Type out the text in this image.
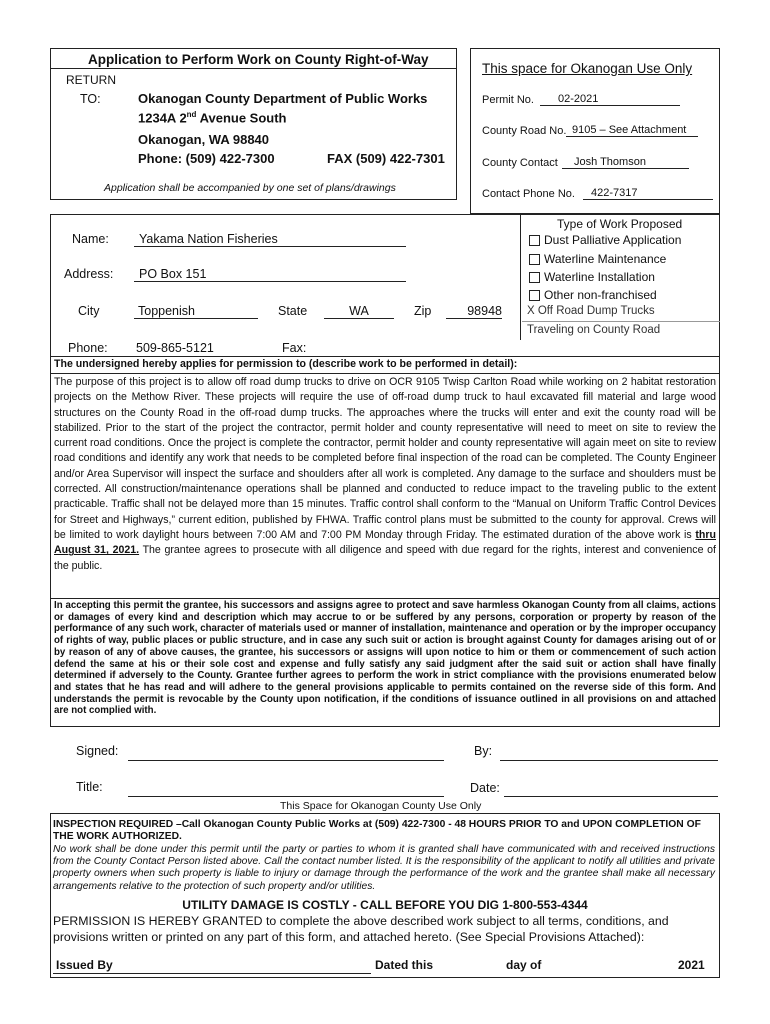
Application to Perform Work on County Right-of-Way
RETURN
TO:	Okanogan County Department of Public Works
1234A 2nd Avenue South
Okanogan, WA 98840
Phone: (509) 422-7300	FAX (509) 422-7301
Application shall be accompanied by one set of plans/drawings
This space for Okanogan Use Only
Permit No.	02-2021
County Road No. 9105 – See Attachment
County Contact	Josh Thomson
Contact Phone No.	422-7317
Name:	Yakama Nation Fisheries
Address:	PO Box 151
City	Toppenish	State	WA	Zip	98948
Phone: 509-865-5121	Fax:
Type of Work Proposed
Dust Palliative Application
Waterline Maintenance
Waterline Installation
Other non-franchised
X Off Road Dump Trucks
Traveling on County Road
The undersigned hereby applies for permission to (describe work to be performed in detail):
The purpose of this project is to allow off road dump trucks to drive on OCR 9105 Twisp Carlton Road while working on 2 habitat restoration projects on the Methow River. These projects will require the use of off-road dump truck to haul excavated fill material and large wood structures on the County Road in the off-road dump trucks. The approaches where the trucks will enter and exit the county road will be stabilized. Prior to the start of the project the contractor, permit holder and county representative will need to meet on site to review the current road conditions. Once the project is complete the contractor, permit holder and county representative will again meet on site to review road conditions and identify any work that needs to be completed before final inspection of the road can be completed. The County Engineer and/or Area Supervisor will inspect the surface and shoulders after all work is completed. Any damage to the surface and shoulders must be corrected. All construction/maintenance operations shall be planned and conducted to reduce impact to the traveling public to the extent practicable. Traffic shall not be delayed more than 15 minutes. Traffic control shall conform to the “Manual on Uniform Traffic Control Devices for Street and Highways,” current edition, published by FHWA. Traffic control plans must be submitted to the county for approval. Crews will be limited to work daylight hours between 7:00 AM and 7:00 PM Monday through Friday. The estimated duration of the above work is thru August 31, 2021. The grantee agrees to prosecute with all diligence and speed with due regard for the rights, interest and convenience of the public.
In accepting this permit the grantee, his successors and assigns agree to protect and save harmless Okanogan County from all claims, actions or damages of every kind and description which may accrue to or be suffered by any persons, corporation or property by reason of the performance of any such work, character of materials used or manner of installation, maintenance and operation or by the improper occupancy of rights of way, public places or public structure, and in case any such suit or action is brought against County for damages arising out of or by reason of any of above causes, the grantee, his successors or assigns will upon notice to him or them or commencement of such action defend the same at his or their sole cost and expense and fully satisfy any said judgment after the said suit or action shall have finally determined if adversely to the County. Grantee further agrees to perform the work in strict compliance with the provisions enumerated below and states that he has read and will adhere to the general provisions applicable to permits contained on the reverse side of this form. And understands the permit is revocable by the County upon notification, if the conditions of issuance outlined in all provisions on and attached are not complied with.
Signed:	By:
Title:	Date:
This Space for Okanogan County Use Only
INSPECTION REQUIRED –Call Okanogan County Public Works at (509) 422-7300 - 48 HOURS PRIOR TO and UPON COMPLETION OF THE WORK AUTHORIZED.
No work shall be done under this permit until the party or parties to whom it is granted shall have communicated with and received instructions from the County Contact Person listed above. Call the contact number listed. It is the responsibility of the applicant to notify all utilities and private property owners when such property is liable to injury or damage through the performance of the work and the grantee shall make all necessary arrangements relative to the protection of such property and/or utilities.
UTILITY DAMAGE IS COSTLY - CALL BEFORE YOU DIG 1-800-553-4344
PERMISSION IS HEREBY GRANTED to complete the above described work subject to all terms, conditions, and provisions written or printed on any part of this form, and attached hereto. (See Special Provisions Attached):
Issued By	Dated this	day of	2021
